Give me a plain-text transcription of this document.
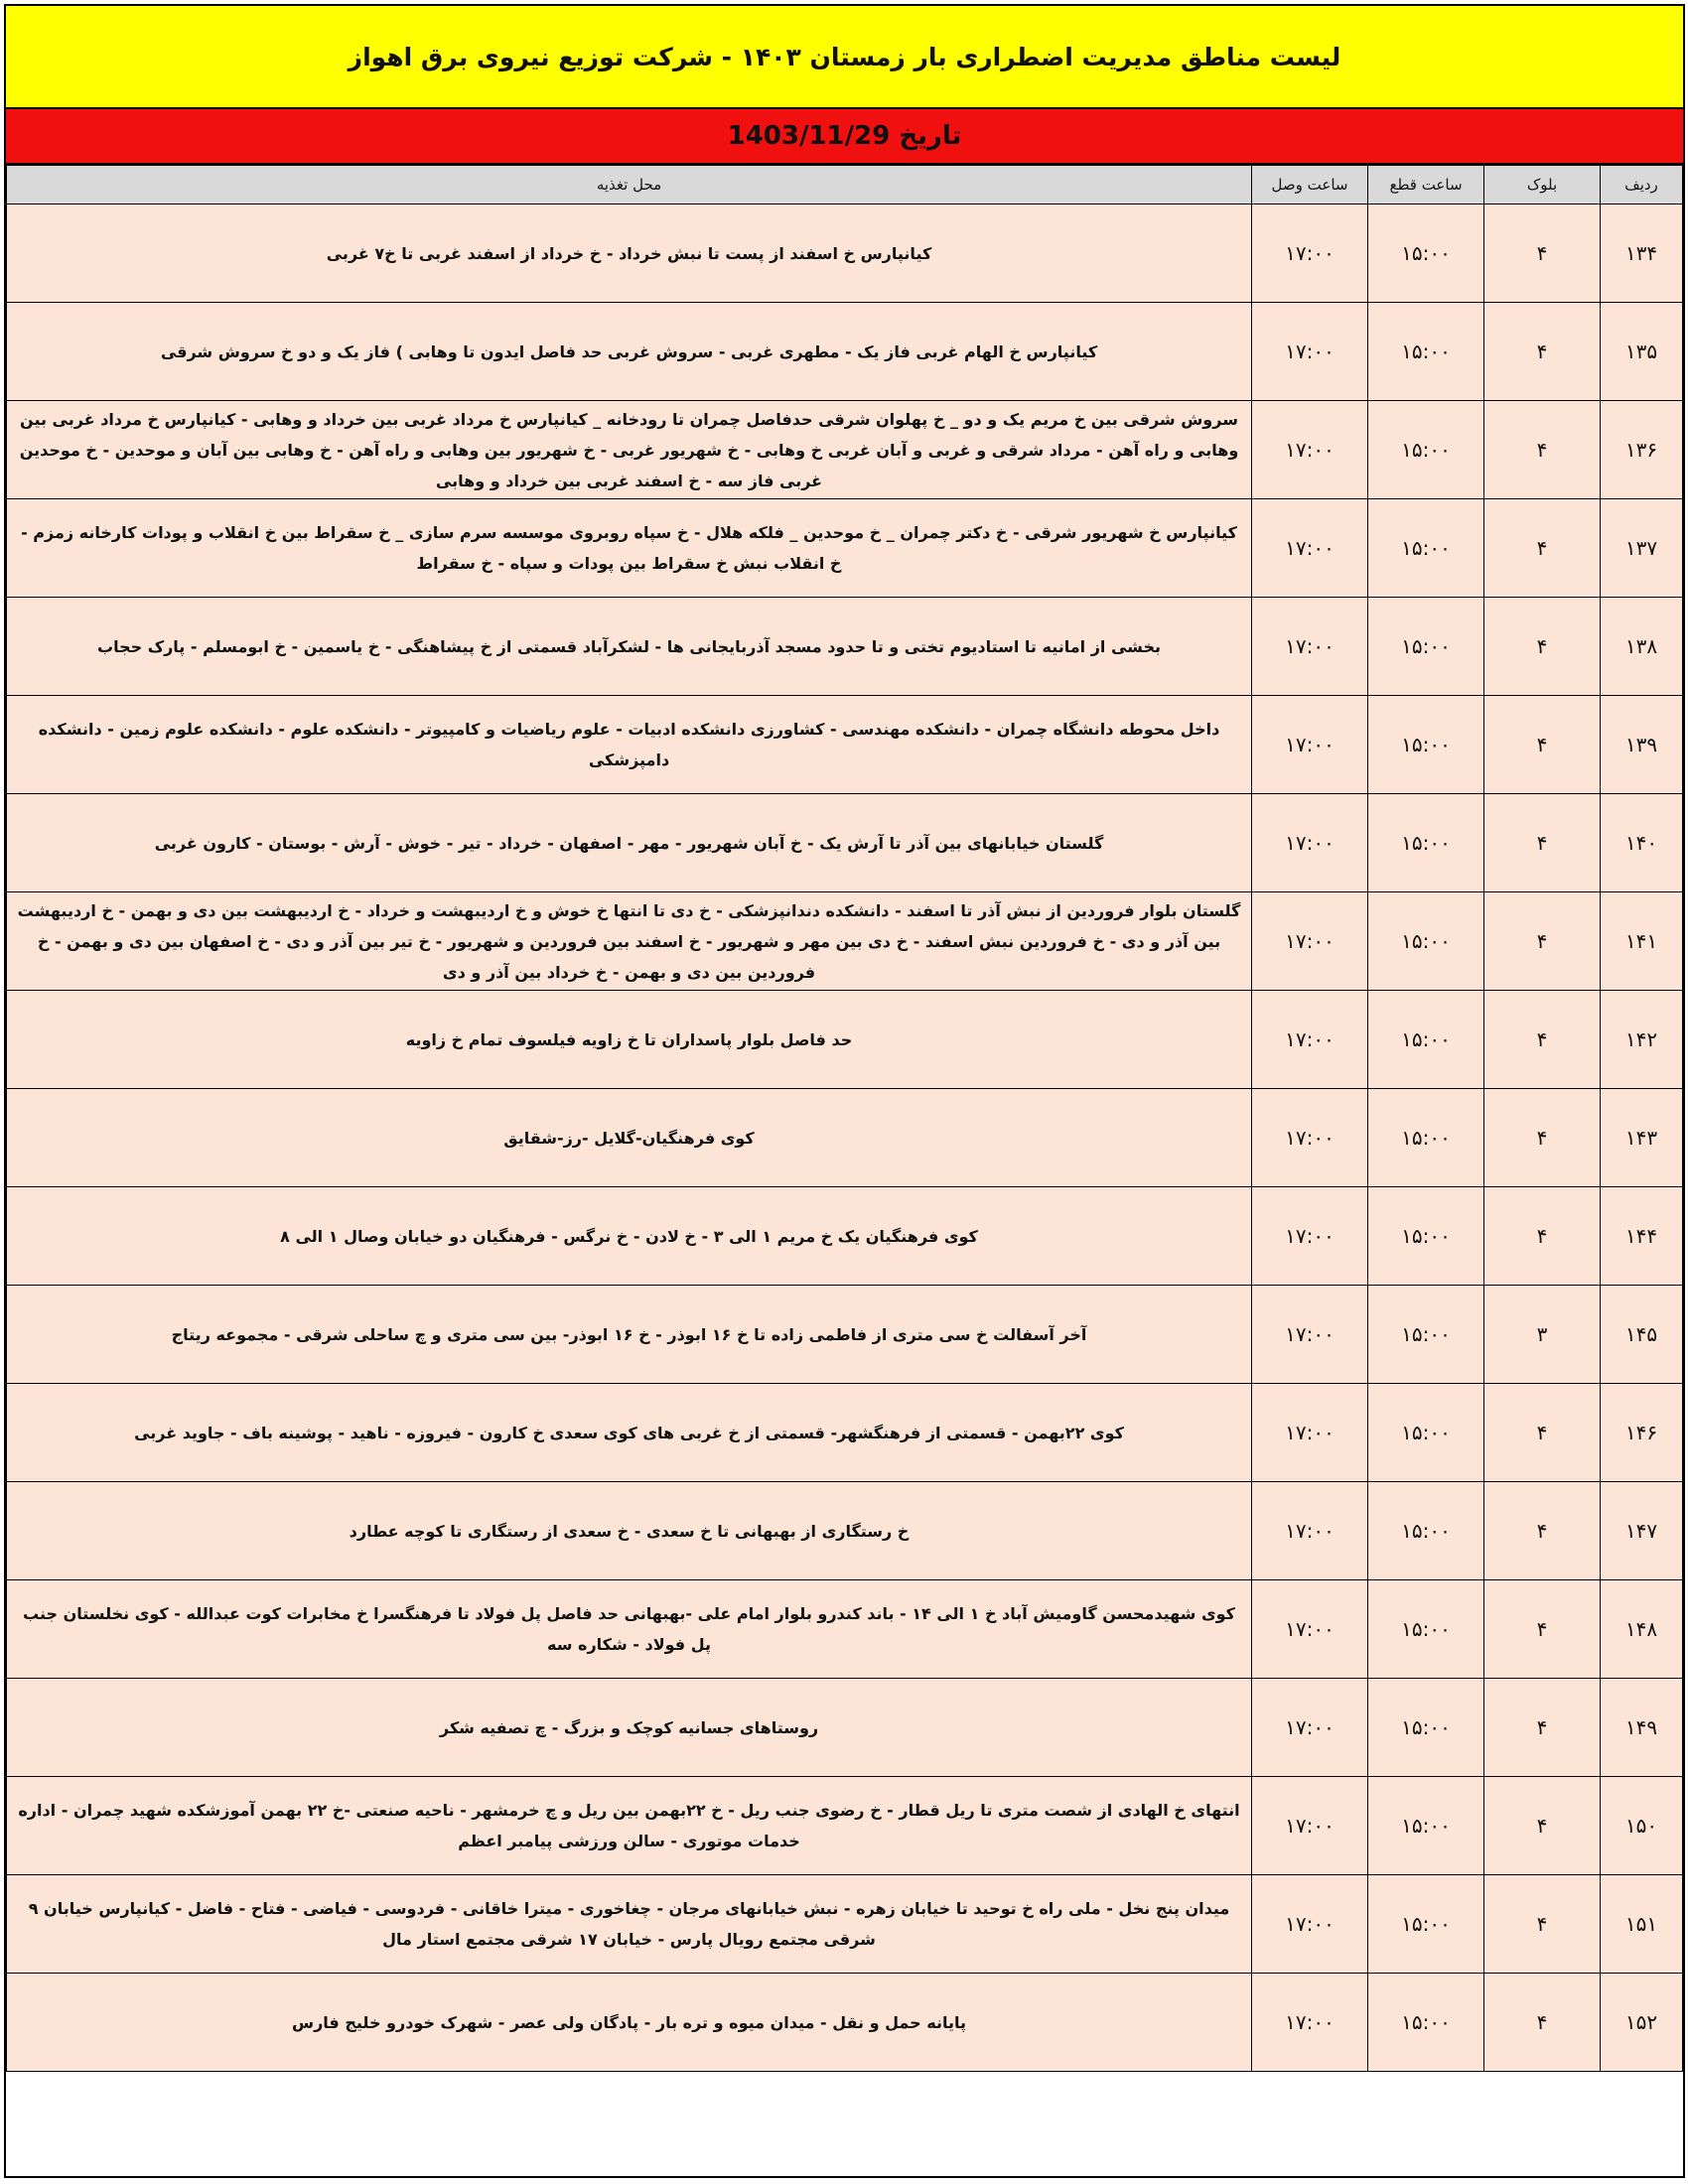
لیست مناطق مدیریت اضطراری بار زمستان ۱۴۰۳ - شرکت توزیع نیروی برق اهواز
تاریخ 1403/11/29
ردیف	بلوک	ساعت قطع	ساعت وصل	محل تغذیه
۱۳۴	۴	۱۵:۰۰	۱۷:۰۰	کیانپارس خ اسفند از پست تا نبش خرداد - خ خرداد از اسفند غربی تا خ۷ غربی
۱۳۵	۴	۱۵:۰۰	۱۷:۰۰	کیانپارس خ الهام غربی فاز یک - مطهری غربی - سروش غربی حد فاصل ایدون تا وهابی ) فاز یک و دو خ سروش شرقی
۱۳۶	۴	۱۵:۰۰	۱۷:۰۰	سروش شرقی بین خ مریم یک و دو _ خ پهلوان شرقی حدفاصل چمران تا رودخانه _ کیانپارس خ مرداد غربی بین خرداد و وهابی - کیانپارس خ مرداد غربی بین وهابی و راه آهن - مرداد شرقی و غربی و آبان غربی خ وهابی - خ شهریور غربی - خ شهریور بین وهابی و راه آهن - خ وهابی بین آبان و موحدین - خ موحدین غربی فاز سه - خ اسفند غربی بین خرداد و وهابی
۱۳۷	۴	۱۵:۰۰	۱۷:۰۰	کیانپارس خ شهریور شرقی - خ دکتر چمران _ خ موحدین _ فلکه هلال - خ سپاه روبروی موسسه سرم سازی _ خ سقراط بین خ انقلاب و پودات کارخانه زمزم - خ انقلاب نبش خ سقراط بین پودات و سپاه - خ سقراط
۱۳۸	۴	۱۵:۰۰	۱۷:۰۰	بخشی از امانیه تا استادیوم تختی و تا حدود مسجد آذربایجانی ها - لشکرآباد قسمتی از خ پیشاهنگی - خ یاسمین - خ ابومسلم - پارک حجاب
۱۳۹	۴	۱۵:۰۰	۱۷:۰۰	داخل محوطه دانشگاه چمران - دانشکده مهندسی - کشاورزی دانشکده ادبیات - علوم ریاضیات و کامپیوتر - دانشکده علوم - دانشکده علوم زمین - دانشکده دامپزشکی
۱۴۰	۴	۱۵:۰۰	۱۷:۰۰	گلستان خیابانهای بین آذر تا آرش یک - خ آبان شهریور - مهر - اصفهان - خرداد - تیر - خوش - آرش - بوستان - کارون غربی
۱۴۱	۴	۱۵:۰۰	۱۷:۰۰	گلستان بلوار فروردین از نبش آذر تا اسفند - دانشکده دندانپزشکی - خ دی تا انتها خ خوش و خ اردیبهشت و خرداد - خ اردیبهشت بین دی و بهمن - خ اردیبهشت بین آذر و دی - خ فروردین نبش اسفند - خ دی بین مهر و شهریور - خ اسفند بین فروردین و شهریور - خ تیر بین آذر و دی - خ اصفهان بین دی و بهمن - خ فروردین بین دی و بهمن - خ خرداد بین آذر و دی
۱۴۲	۴	۱۵:۰۰	۱۷:۰۰	حد فاصل بلوار پاسداران تا خ زاویه فیلسوف تمام خ زاویه
۱۴۳	۴	۱۵:۰۰	۱۷:۰۰	کوی فرهنگیان-گلایل -رز-شقایق
۱۴۴	۴	۱۵:۰۰	۱۷:۰۰	کوی فرهنگیان یک خ مریم ۱ الی ۳ - خ لادن - خ نرگس - فرهنگیان دو خیابان وصال ۱ الی ۸
۱۴۵	۳	۱۵:۰۰	۱۷:۰۰	آخر آسفالت خ سی متری از فاطمی زاده تا خ ۱۶ ابوذر - خ ۱۶ ابوذر- بین سی متری و چ ساحلی شرقی - مجموعه ریتاج
۱۴۶	۴	۱۵:۰۰	۱۷:۰۰	کوی ۲۲بهمن - قسمتی از فرهنگشهر- قسمتی از خ غربی های کوی سعدی خ کارون - فیروزه - ناهید - پوشینه باف - جاوید غربی
۱۴۷	۴	۱۵:۰۰	۱۷:۰۰	خ رستگاری از بهبهانی تا خ سعدی - خ سعدی از رستگاری تا کوچه عطارد
۱۴۸	۴	۱۵:۰۰	۱۷:۰۰	کوی شهیدمحسن گاومیش آباد خ ۱ الی ۱۴ - باند کندرو بلوار امام علی -بهبهانی حد فاصل پل فولاد تا فرهنگسرا خ مخابرات کوت عبدالله - کوی نخلستان جنب پل فولاد - شکاره سه
۱۴۹	۴	۱۵:۰۰	۱۷:۰۰	روستاهای جسانیه کوچک و بزرگ - چ تصفیه شکر
۱۵۰	۴	۱۵:۰۰	۱۷:۰۰	انتهای خ الهادی از شصت متری تا ریل قطار - خ رضوی جنب ریل - خ ۲۲بهمن بین ریل و چ خرمشهر - ناحیه صنعتی -خ ۲۲ بهمن آموزشکده شهید چمران - اداره خدمات موتوری - سالن ورزشی پیامبر اعظم
۱۵۱	۴	۱۵:۰۰	۱۷:۰۰	میدان پنج نخل - ملی راه خ توحید تا خیابان زهره - نبش خیابانهای مرجان - چغاخوری - میترا خاقانی - فردوسی - فیاضی - فتاح - فاضل - کیانپارس خیابان ۹ شرقی مجتمع رویال پارس - خیابان ۱۷ شرقی مجتمع استار مال
۱۵۲	۴	۱۵:۰۰	۱۷:۰۰	پایانه حمل و نقل - میدان میوه و تره بار - پادگان ولی عصر - شهرک خودرو خلیج فارس
